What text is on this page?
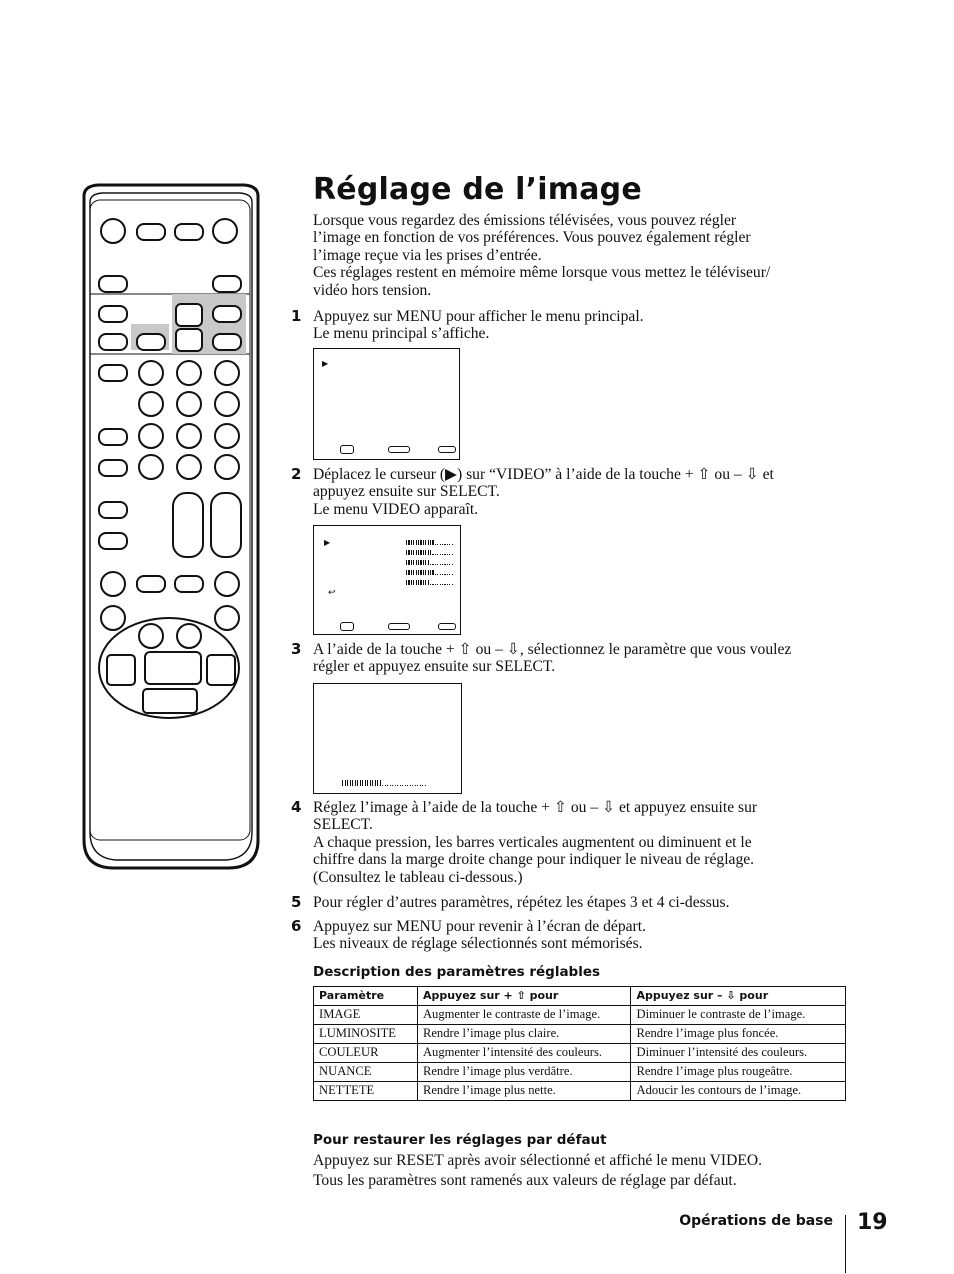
Réglage de l’image
Lorsque vous regardez des émissions télévisées, vous pouvez régler
l’image en fonction de vos préférences. Vous pouvez également régler
l’image reçue via les prises d’entrée.
Ces réglages restent en mémoire même lorsque vous mettez le téléviseur/
vidéo hors tension.
1 Appuyez sur MENU pour afficher le menu principal.
Le menu principal s’affiche.
▶
2 Déplacez le curseur (▶) sur “VIDEO” à l’aide de la touche + ⇧ ou – ⇩ et
appuyez ensuite sur SELECT.
Le menu VIDEO apparaît.
▶
↩
3 A l’aide de la touche + ⇧ ou – ⇩, sélectionnez le paramètre que vous voulez
régler et appuyez ensuite sur SELECT.
4 Réglez l’image à l’aide de la touche + ⇧ ou – ⇩ et appuyez ensuite sur
SELECT.
A chaque pression, les barres verticales augmentent ou diminuent et le
chiffre dans la marge droite change pour indiquer le niveau de réglage.
(Consultez le tableau ci-dessous.)
5 Pour régler d’autres paramètres, répétez les étapes 3 et 4 ci-dessus.
6 Appuyez sur MENU pour revenir à l’écran de départ.
Les niveaux de réglage sélectionnés sont mémorisés.
Description des paramètres réglables
Paramètre	Appuyez sur + ⇧ pour	Appuyez sur – ⇩ pour
IMAGE	Augmenter le contraste de l’image.	Diminuer le contraste de l’image.
LUMINOSITE	Rendre l’image plus claire.	Rendre l’image plus foncée.
COULEUR	Augmenter l’intensité des couleurs.	Diminuer l’intensité des couleurs.
NUANCE	Rendre l’image plus verdâtre.	Rendre l’image plus rougeâtre.
NETTETE	Rendre l’image plus nette.	Adoucir les contours de l’image.
Pour restaurer les réglages par défaut
Appuyez sur RESET après avoir sélectionné et affiché le menu VIDEO.
Tous les paramètres sont ramenés aux valeurs de réglage par défaut.
Opérations de base 19
